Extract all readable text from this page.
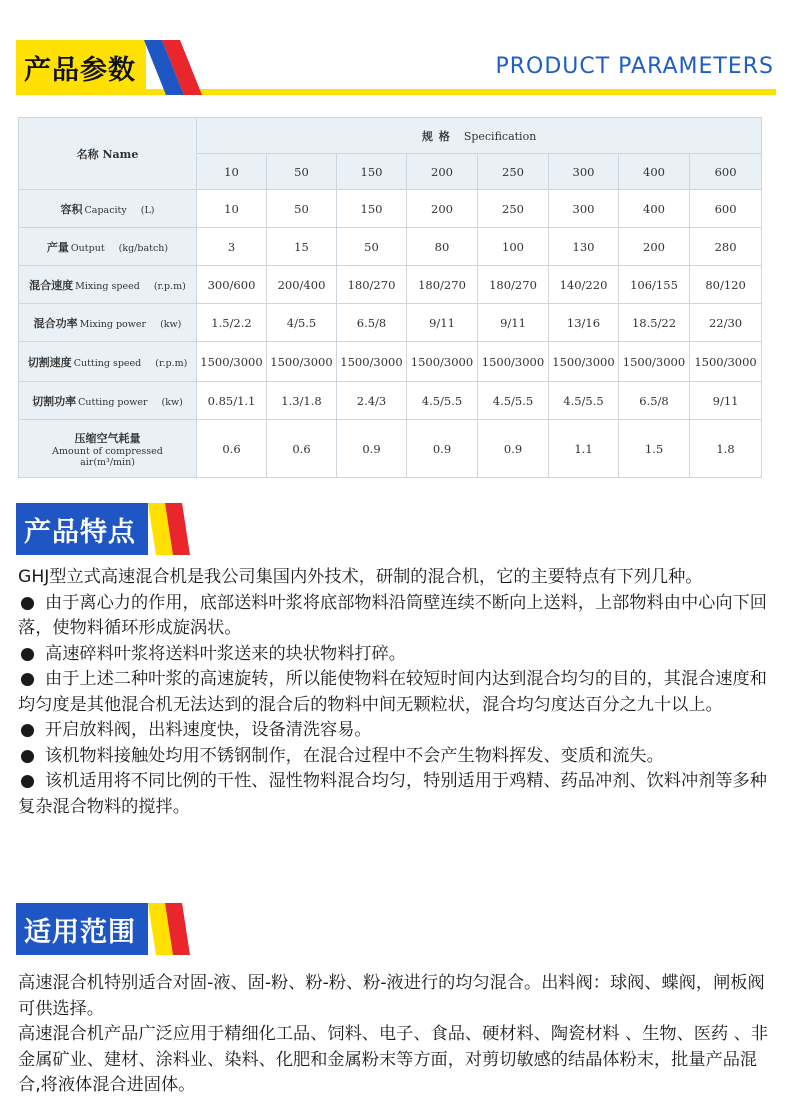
产品参数	PRODUCT PARAMETERS
名称 Name	规格 Specification							
	10	50	150	200	250	300	400	600
容积 Capacity (L)	10	50	150	200	250	300	400	600
产量 Output (kg/batch)	3	15	50	80	100	130	200	280
混合速度 Mixing speed (r.p.m)	300/600	200/400	180/270	180/270	180/270	140/220	106/155	80/120
混合功率 Mixing power (kw)	1.5/2.2	4/5.5	6.5/8	9/11	9/11	13/16	18.5/22	22/30
切割速度 Cutting speed (r.p.m)	1500/3000	1500/3000	1500/3000	1500/3000	1500/3000	1500/3000	1500/3000	1500/3000
切割功率 Cutting power (kw)	0.85/1.1	1.3/1.8	2.4/3	4.5/5.5	4.5/5.5	4.5/5.5	6.5/8	9/11
压缩空气耗量
Amount of compressed
air(m³/min)	0.6	0.6	0.9	0.9	0.9	1.1	1.5	1.8
产品特点

GHJ型立式高速混合机是我公司集国内外技术，研制的混合机，它的主要特点有下列几种。

● 由于离心力的作用，底部送料叶浆将底部物料沿筒壁连续不断向上送料，上部物料由中心向下回落，使物料循环形成旋涡状。

● 高速碎料叶浆将送料叶浆送来的块状物料打碎。

● 由于上述二种叶浆的高速旋转，所以能使物料在较短时间内达到混合均匀的目的，其混合速度和均匀度是其他混合机无法达到的混合后的物料中间无颗粒状，混合均匀度达百分之九十以上。

● 开启放料阀，出料速度快，设备清洗容易。

● 该机物料接触处均用不锈钢制作，在混合过程中不会产生物料挥发、变质和流失。

● 该机适用将不同比例的干性、湿性物料混合均匀，特别适用于鸡精、药品冲剂、饮料冲剂等多种复杂混合物料的搅拌。

适用范围

高速混合机特别适合对固-液、固-粉、粉-粉、粉-液进行的均匀混合。出料阀：球阀、蝶阀，闸板阀可供选择。

高速混合机产品广泛应用于精细化工品、饲料、电子、食品、硬材料、陶瓷材料 、生物、医药 、非金属矿业、建材、涂料业、染料、化肥和金属粉末等方面，对剪切敏感的结晶体粉末，批量产品混合,将液体混合进固体。
